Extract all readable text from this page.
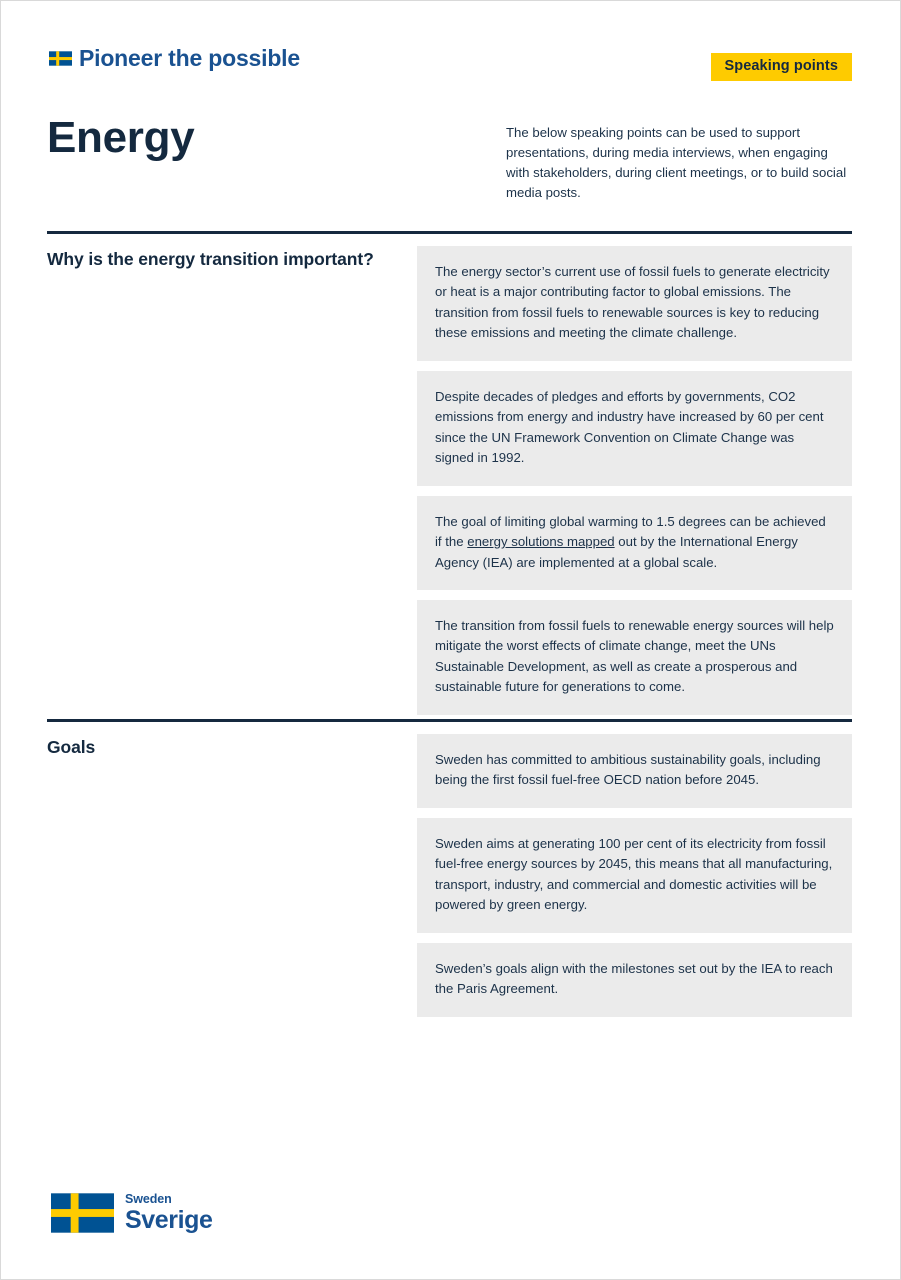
Pioneer the possible	Speaking points
Energy	The below speaking points can be used to support presentations, during media interviews, when engaging with stakeholders, during client meetings, or to build social media posts.
Why is the energy transition important?
The energy sector’s current use of fossil fuels to generate electricity or heat is a major contributing factor to global emissions. The transition from fossil fuels to renewable sources is key to reducing these emissions and meeting the climate challenge.
Despite decades of pledges and efforts by governments, CO2 emissions from energy and industry have increased by 60 per cent since the UN Framework Convention on Climate Change was signed in 1992.
The goal of limiting global warming to 1.5 degrees can be achieved if the energy solutions mapped out by the International Energy Agency (IEA) are implemented at a global scale.
The transition from fossil fuels to renewable energy sources will help mitigate the worst effects of climate change, meet the UNs Sustainable Development, as well as create a prosperous and sustainable future for generations to come.
Goals
Sweden has committed to ambitious sustainability goals, including being the first fossil fuel-free OECD nation before 2045.
Sweden aims at generating 100 per cent of its electricity from fossil fuel-free energy sources by 2045, this means that all manufacturing, transport, industry, and commercial and domestic activities will be powered by green energy.
Sweden’s goals align with the milestones set out by the IEA to reach the Paris Agreement.
Sweden
Sverige
